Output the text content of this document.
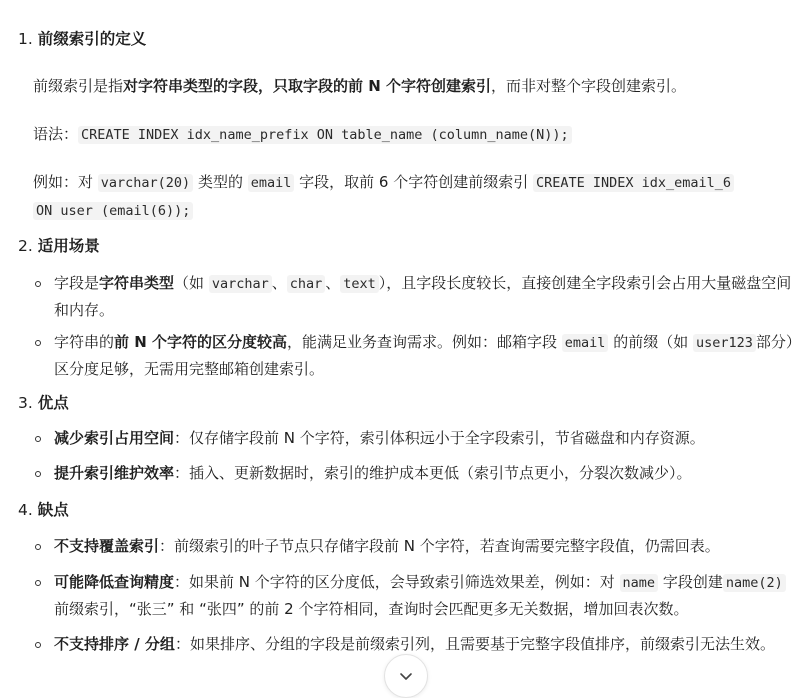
1. 前缀索引的定义
前缀索引是指对字符串类型的字段，只取字段的前 N 个字符创建索引，而非对整个字段创建索引。
语法： CREATE INDEX idx_name_prefix ON table_name (column_name(N));
例如：对 varchar(20) 类型的 email 字段，取前 6 个字符创建前缀索引 CREATE INDEX idx_email_6
ON user (email(6));
2. 适用场景
字段是字符串类型（如 varchar 、 char 、 text ），且字段长度较长，直接创建全字段索引会占用大量磁盘空间和内存。
字符串的前 N 个字符的区分度较高，能满足业务查询需求。例如：邮箱字段 email 的前缀（如 user123 部分）区分度足够，无需用完整邮箱创建索引。
3. 优点
减少索引占用空间：仅存储字段前 N 个字符，索引体积远小于全字段索引，节省磁盘和内存资源。
提升索引维护效率：插入、更新数据时，索引的维护成本更低（索引节点更小，分裂次数减少）。
4. 缺点
不支持覆盖索引：前缀索引的叶子节点只存储字段前 N 个字符，若查询需要完整字段值，仍需回表。
可能降低查询精度：如果前 N 个字符的区分度低，会导致索引筛选效果差，例如：对 name 字段创建 name(2) 前缀索引，“张三” 和 “张四” 的前 2 个字符相同，查询时会匹配更多无关数据，增加回表次数。
不支持排序 / 分组：如果排序、分组的字段是前缀索引列，且需要基于完整字段值排序，前缀索引无法生效。
